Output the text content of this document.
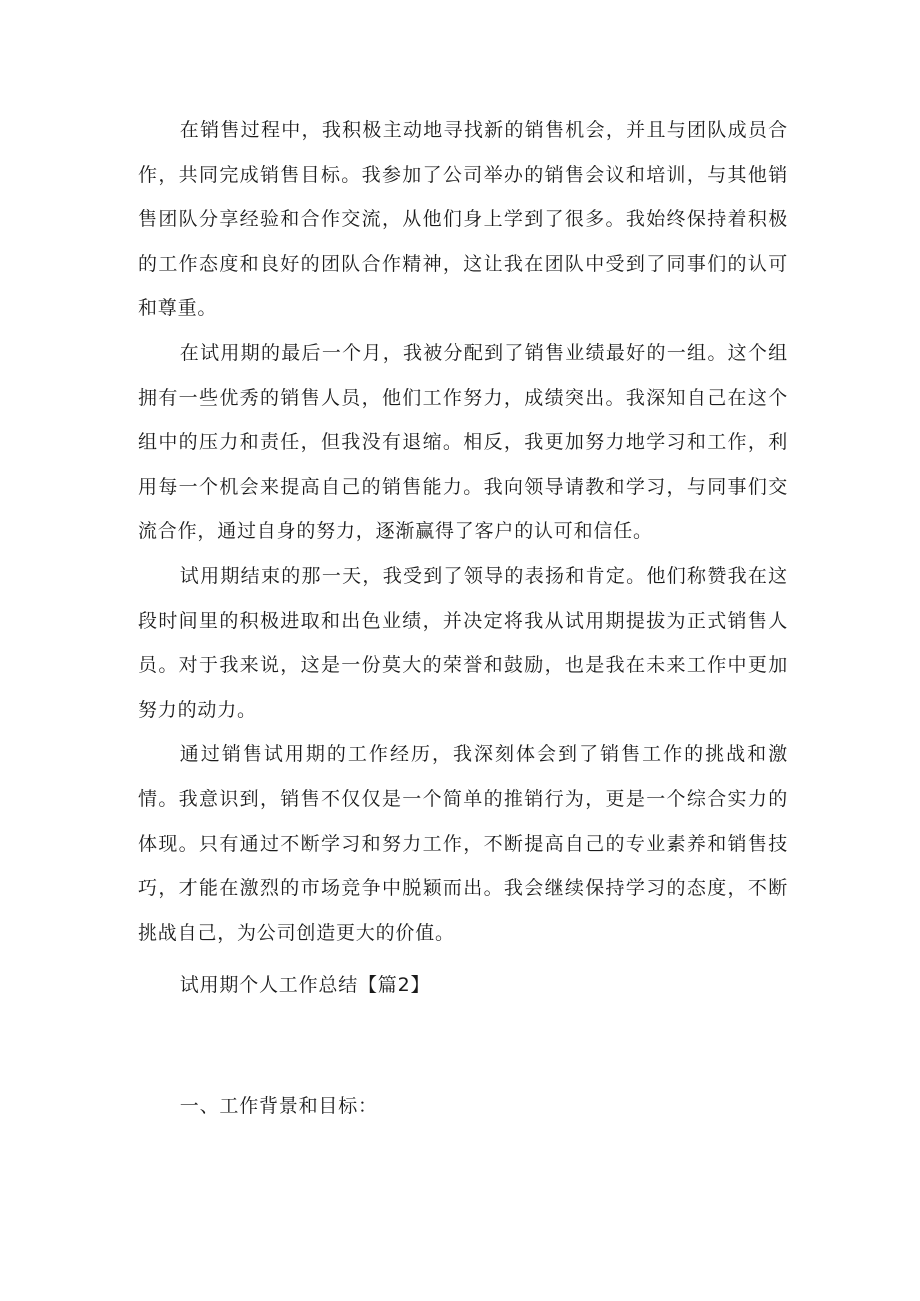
在销售过程中，我积极主动地寻找新的销售机会，并且与团队成员合作，共同完成销售目标。我参加了公司举办的销售会议和培训，与其他销售团队分享经验和合作交流，从他们身上学到了很多。我始终保持着积极的工作态度和良好的团队合作精神，这让我在团队中受到了同事们的认可和尊重。

在试用期的最后一个月，我被分配到了销售业绩最好的一组。这个组拥有一些优秀的销售人员，他们工作努力，成绩突出。我深知自己在这个组中的压力和责任，但我没有退缩。相反，我更加努力地学习和工作，利用每一个机会来提高自己的销售能力。我向领导请教和学习，与同事们交流合作，通过自身的努力，逐渐赢得了客户的认可和信任。

试用期结束的那一天，我受到了领导的表扬和肯定。他们称赞我在这段时间里的积极进取和出色业绩，并决定将我从试用期提拔为正式销售人员。对于我来说，这是一份莫大的荣誉和鼓励，也是我在未来工作中更加努力的动力。

通过销售试用期的工作经历，我深刻体会到了销售工作的挑战和激情。我意识到，销售不仅仅是一个简单的推销行为，更是一个综合实力的体现。只有通过不断学习和努力工作，不断提高自己的专业素养和销售技巧，才能在激烈的市场竞争中脱颖而出。我会继续保持学习的态度，不断挑战自己，为公司创造更大的价值。

试用期个人工作总结【篇2】

一、工作背景和目标：
